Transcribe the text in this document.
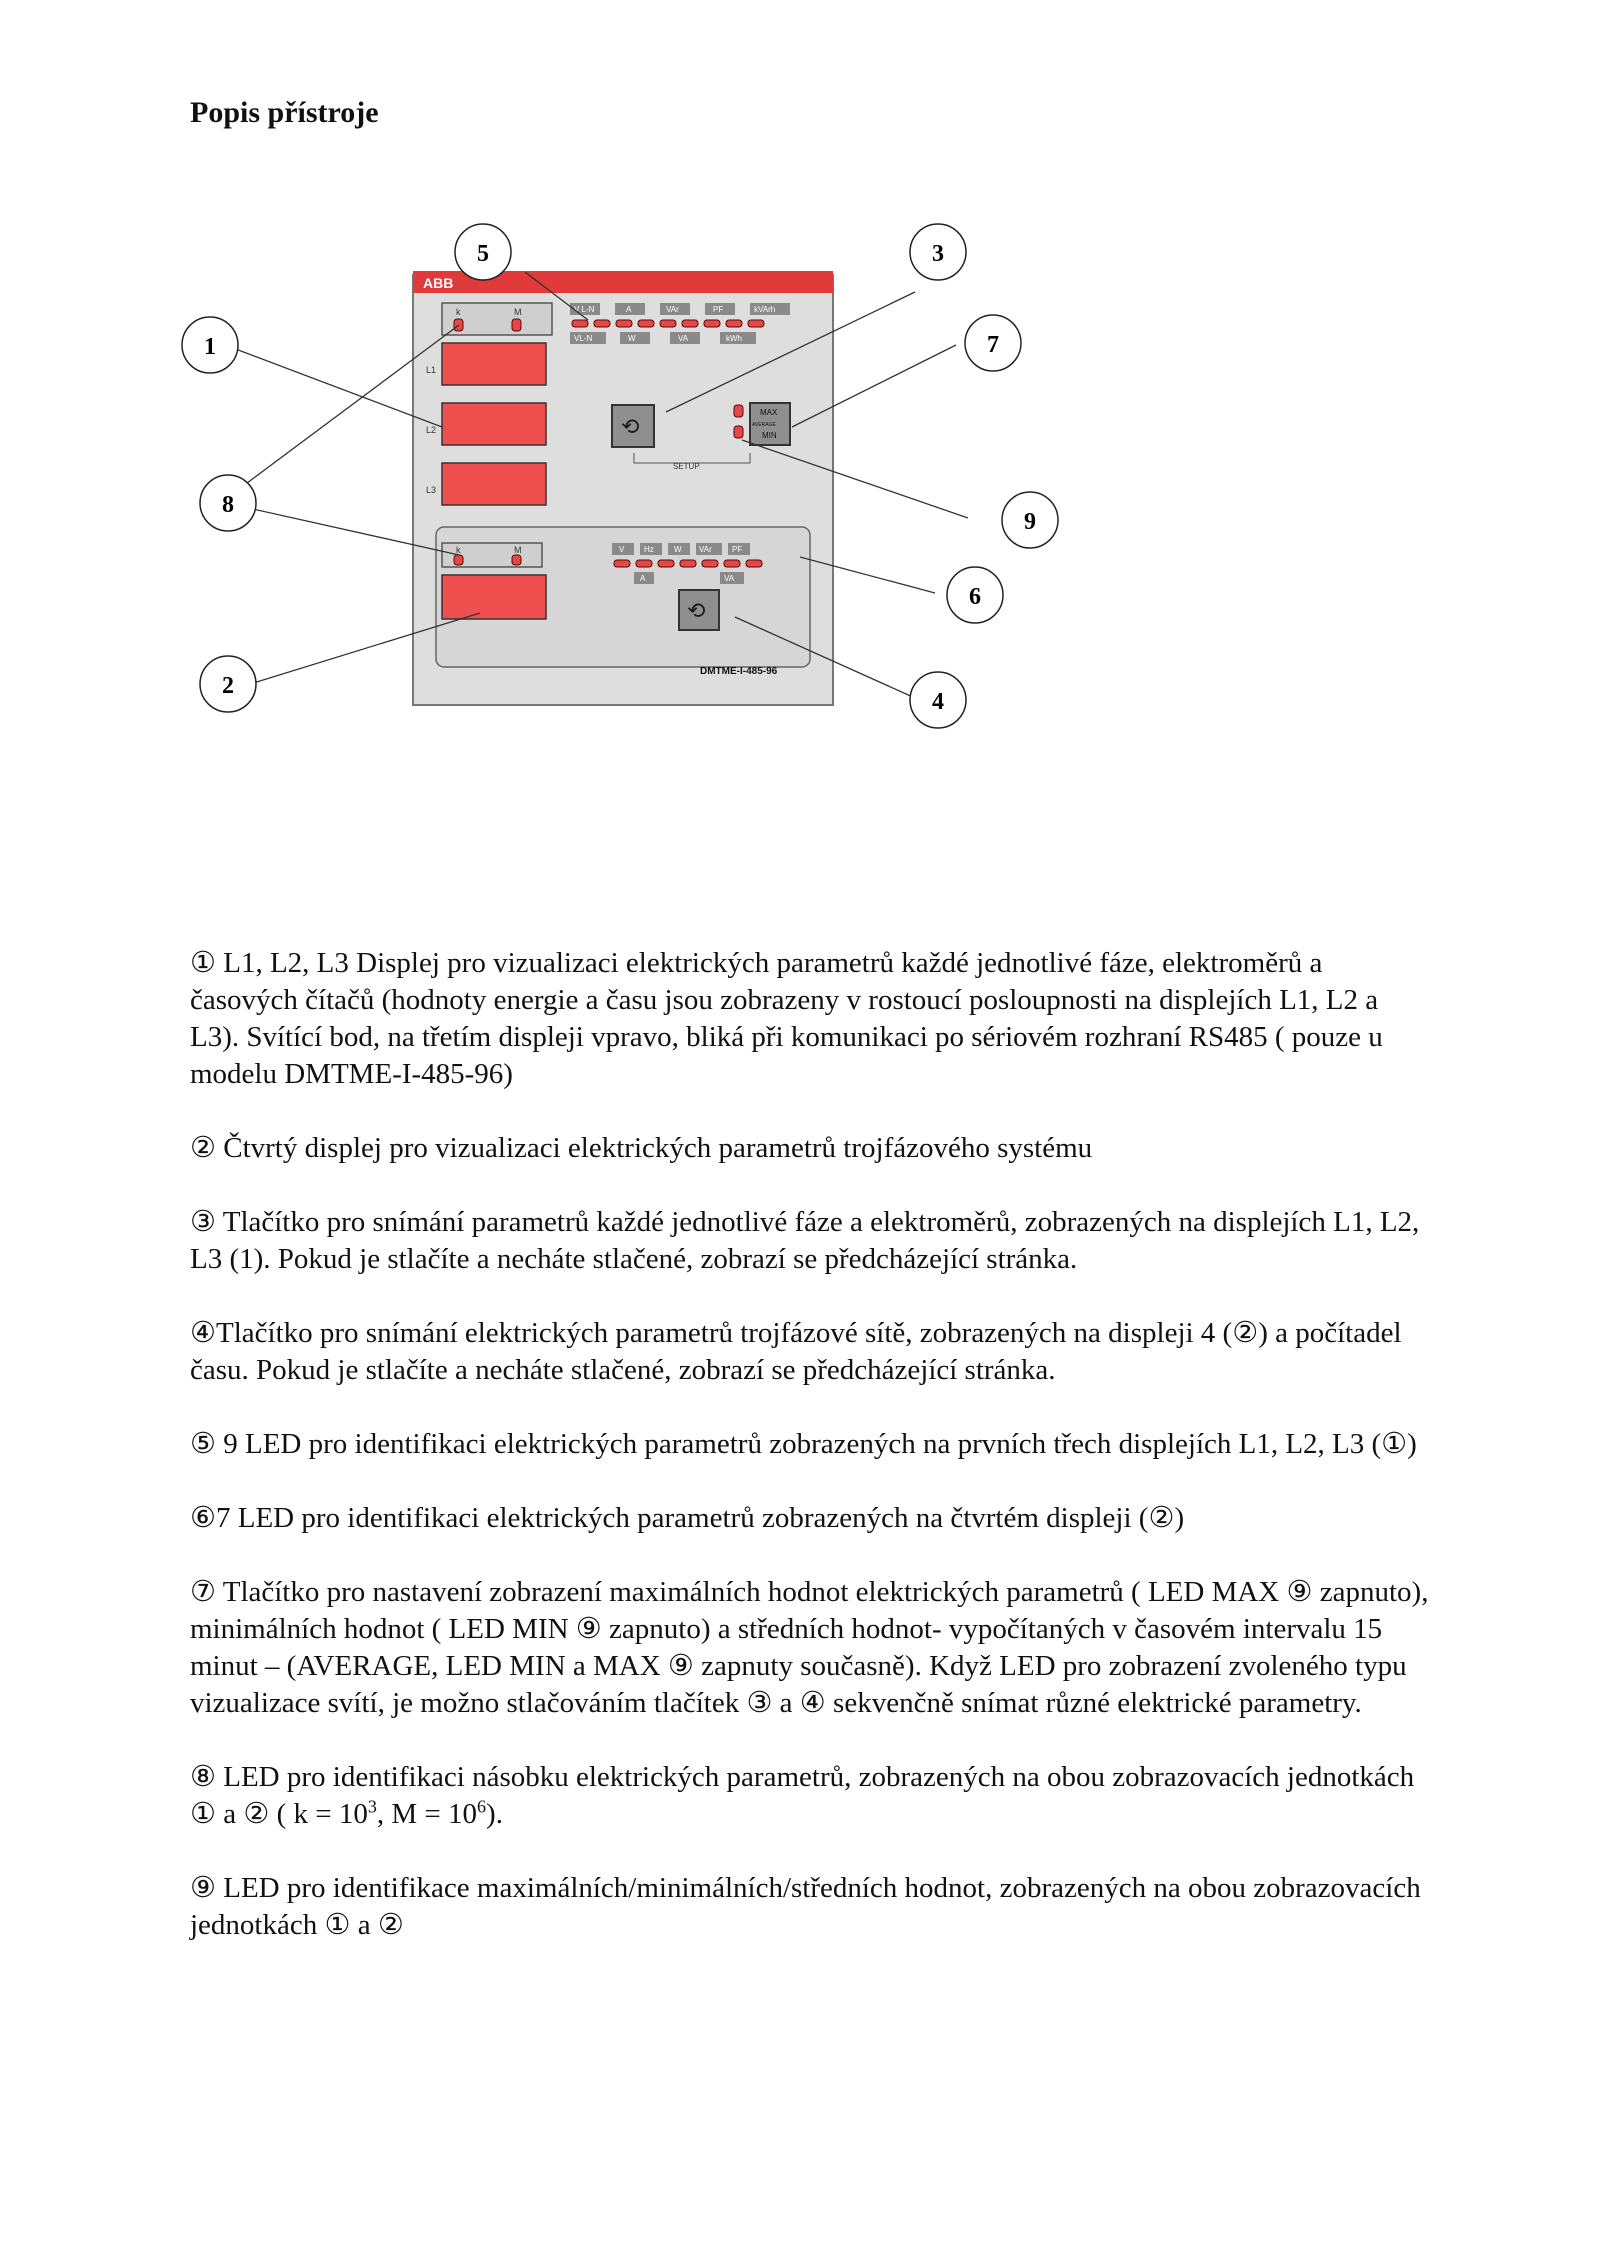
Popis přístroje
ABB
k	M
L1
L2
L3
V L-N	A	VAr	PF	kVArh
VL-N	W	VA	kWh
⟲
MAX
AVERAGE
MIN
SETUP
k	M	V Hz	W VAr	PF
A	VA
⟲
DMTME-I-485-96
1
2
3
4
5
6
7
8
9

① L1, L2, L3 Displej pro vizualizaci elektrických parametrů každé jednotlivé fáze, elektroměrů a časových čítačů (hodnoty energie a času jsou zobrazeny v rostoucí posloupnosti na displejích L1, L2 a L3). Svítící bod, na třetím displeji vpravo, bliká při komunikaci po sériovém rozhraní RS485 ( pouze u modelu DMTME-I-485-96)

② Čtvrtý displej pro vizualizaci elektrických parametrů trojfázového systému

③ Tlačítko pro snímání parametrů každé jednotlivé fáze a elektroměrů, zobrazených na displejích L1, L2, L3 (1). Pokud je stlačíte a necháte stlačené, zobrazí se předcházející stránka.

④Tlačítko pro snímání elektrických parametrů trojfázové sítě, zobrazených na displeji 4 (②) a počítadel času. Pokud je stlačíte a necháte stlačené, zobrazí se předcházející stránka.

⑤ 9 LED pro identifikaci elektrických parametrů zobrazených na prvních třech displejích L1, L2, L3 (①)

⑥7 LED pro identifikaci elektrických parametrů zobrazených na čtvrtém displeji (②)

⑦ Tlačítko pro nastavení zobrazení maximálních hodnot elektrických parametrů ( LED MAX ⑨ zapnuto), minimálních hodnot ( LED MIN ⑨ zapnuto) a středních hodnot- vypočítaných v časovém intervalu 15 minut – (AVERAGE, LED MIN a MAX ⑨ zapnuty současně). Když LED pro zobrazení zvoleného typu vizualizace svítí, je možno stlačováním tlačítek ③ a ④ sekvenčně snímat různé elektrické parametry.

⑧ LED pro identifikaci násobku elektrických parametrů, zobrazených na obou zobrazovacích jednotkách ① a ② ( $k = 10^3$, $M = 10^6$).

⑨ LED pro identifikace maximálních/minimálních/středních hodnot, zobrazených na obou zobrazovacích jednotkách ① a ②
